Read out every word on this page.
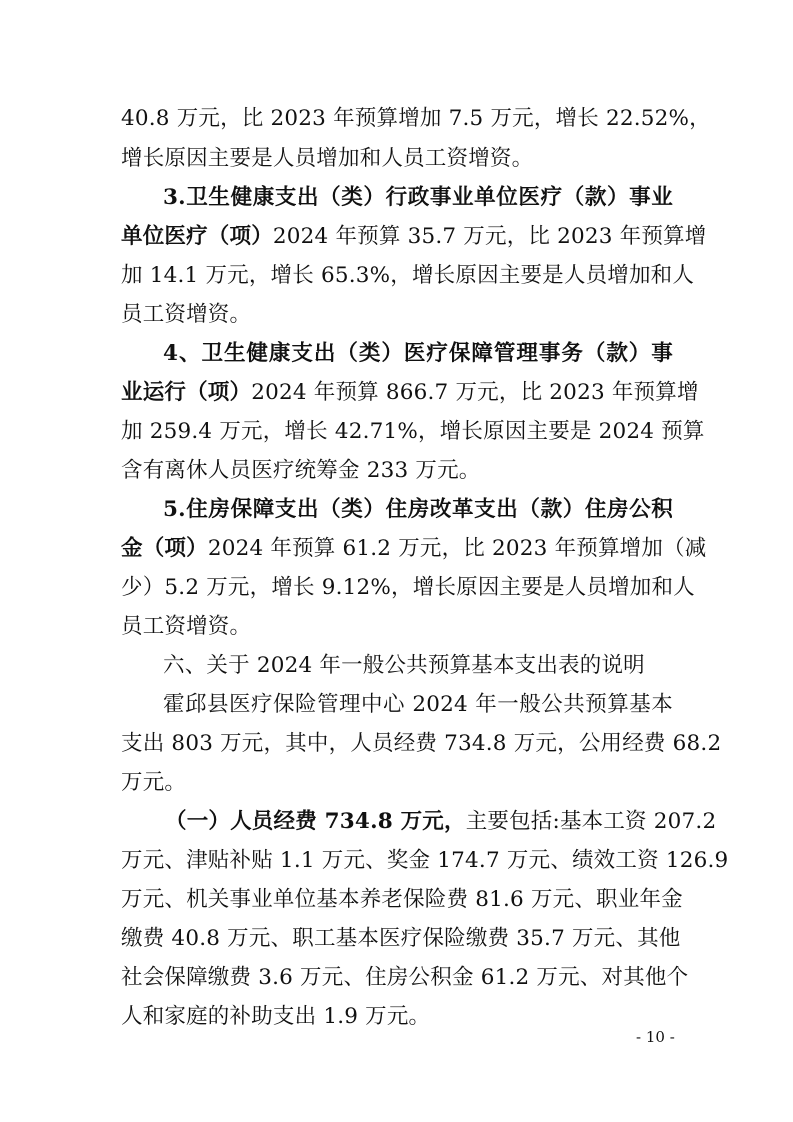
40.8 万元，比 2023 年预算增加 7.5 万元，增长 22.52%，
增长原因主要是人员增加和人员工资增资。
3.卫生健康支出（类）行政事业单位医疗（款）事业
单位医疗（项）2024 年预算 35.7 万元，比 2023 年预算增
加 14.1 万元，增长 65.3%，增长原因主要是人员增加和人
员工资增资。
4、卫生健康支出（类）医疗保障管理事务（款）事
业运行（项）2024 年预算 866.7 万元，比 2023 年预算增
加 259.4 万元，增长 42.71%，增长原因主要是 2024 预算
含有离休人员医疗统筹金 233 万元。
5.住房保障支出（类）住房改革支出（款）住房公积
金（项）2024 年预算 61.2 万元，比 2023 年预算增加（减
少）5.2 万元，增长 9.12%，增长原因主要是人员增加和人
员工资增资。
六、关于 2024 年一般公共预算基本支出表的说明
霍邱县医疗保险管理中心 2024 年一般公共预算基本
支出 803 万元，其中，人员经费 734.8 万元，公用经费 68.2
万元。
（一）人员经费 734.8 万元，主要包括:基本工资 207.2
万元、津贴补贴 1.1 万元、奖金 174.7 万元、绩效工资 126.9
万元、机关事业单位基本养老保险费 81.6 万元、职业年金
缴费 40.8 万元、职工基本医疗保险缴费 35.7 万元、其他
社会保障缴费 3.6 万元、住房公积金 61.2 万元、对其他个
人和家庭的补助支出 1.9 万元。
- 10 -
